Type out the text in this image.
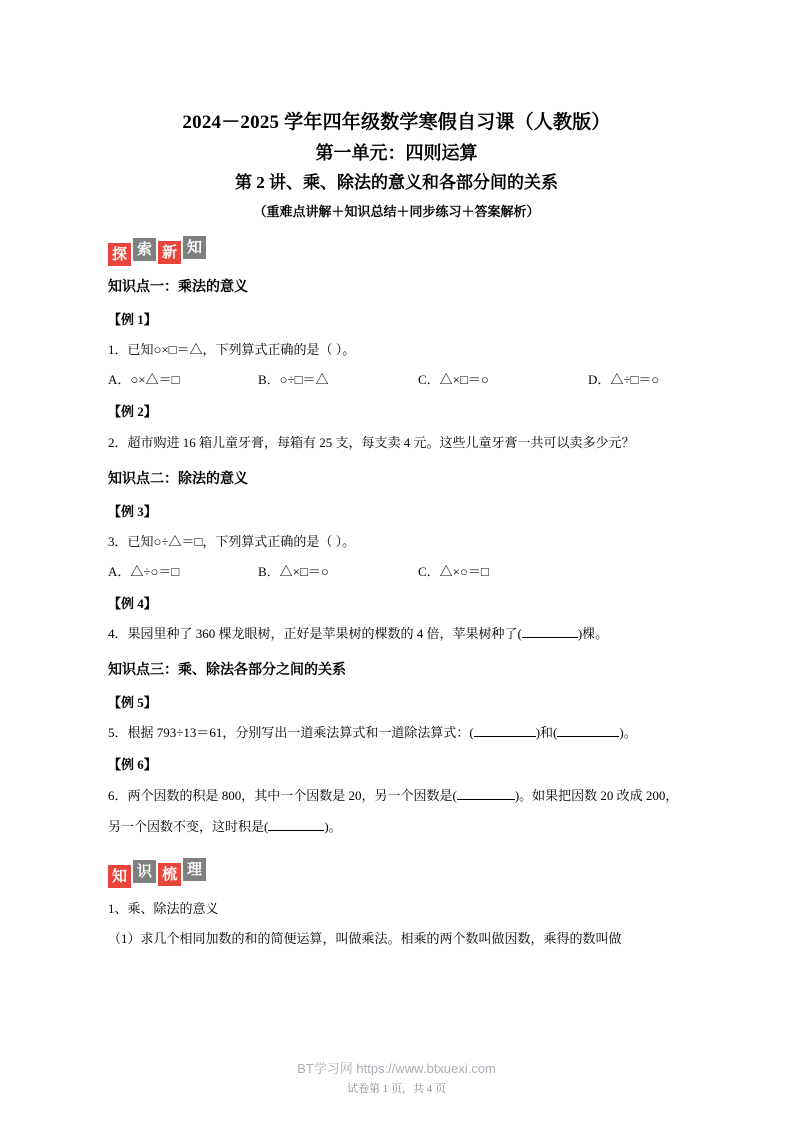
2024－2025 学年四年级数学寒假自习课（人教版）
第一单元：四则运算
第 2 讲、乘、除法的意义和各部分间的关系
（重难点讲解＋知识总结＋同步练习＋答案解析）
探 索 新 知
知识点一：乘法的意义
【例 1】
1．已知○×□＝△，下列算式正确的是（ ）。
A．○×△＝□	B．○÷□＝△	C．△×□＝○	D．△÷□＝○
【例 2】
2．超市购进 16 箱儿童牙膏，每箱有 25 支，每支卖 4 元。这些儿童牙膏一共可以卖多少元？
知识点二：除法的意义
【例 3】
3．已知○÷△＝□，下列算式正确的是（ ）。
A．△÷○＝□	B．△×□＝○	C．△×○＝□
【例 4】
4．果园里种了 360 棵龙眼树，正好是苹果树的棵数的 4 倍，苹果树种了(	)棵。
知识点三：乘、除法各部分之间的关系
【例 5】
5．根据 793÷13＝61，分别写出一道乘法算式和一道除法算式：(	)和(	)。
【例 6】
6．两个因数的积是 800，其中一个因数是 20，另一个因数是(	)。如果把因数 20 改成 200，另一个因数不变，这时积是(	)。
知 识 梳 理
1、乘、除法的意义
（1）求几个相同加数的和的简便运算，叫做乘法。相乘的两个数叫做因数，乘得的数叫做
BT学习网 https://www.btxuexi.com
试卷第 1 页，共 4 页
